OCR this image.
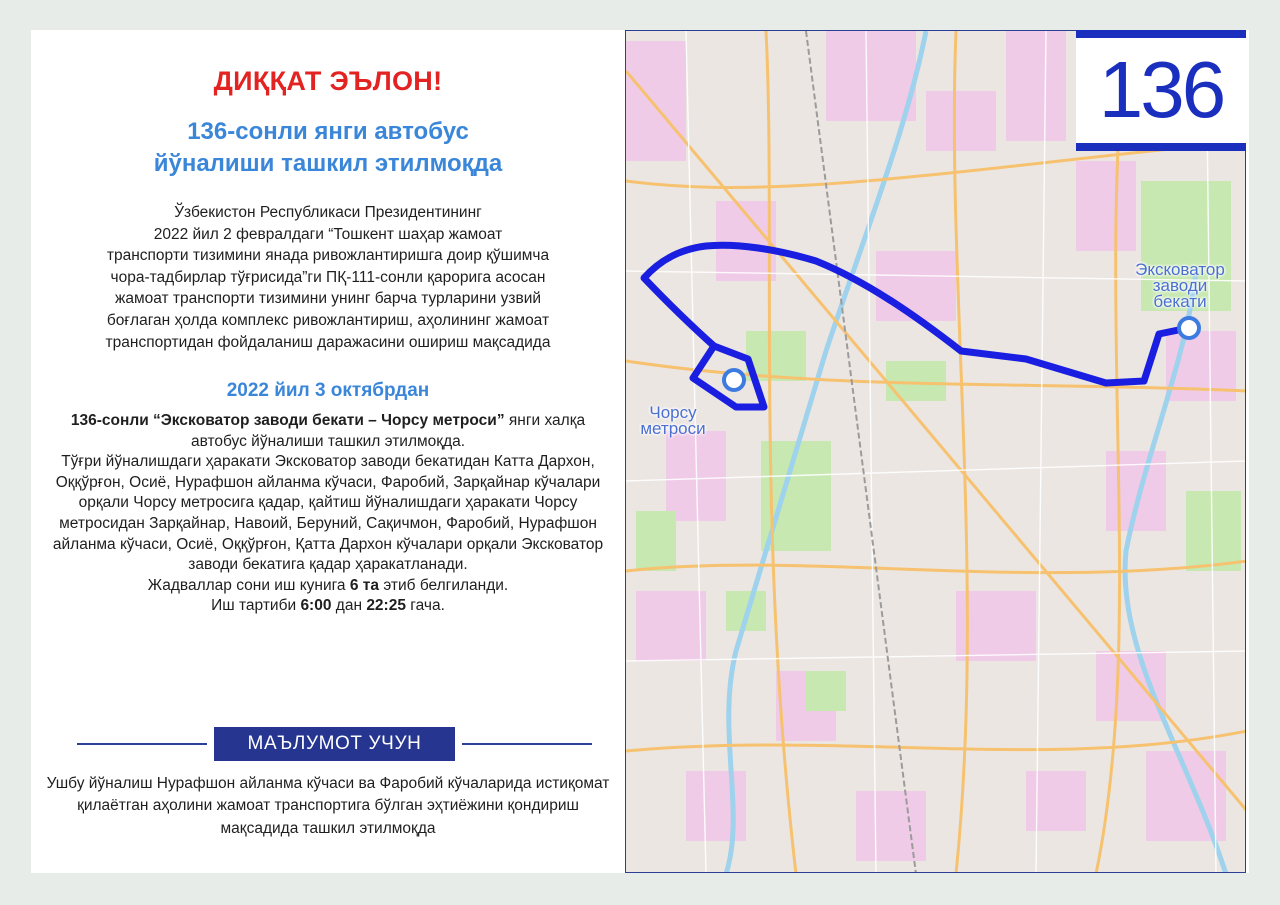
ДИҚҚАТ ЭЪЛОН!
136-сонли янги автобус
йўналиши ташкил этилмоқда
Ўзбекистон Республикаси Президентининг
2022 йил 2 февралдаги “Тошкент шаҳар жамоат
транспорти тизимини янада ривожлантиришга доир қўшимча
чора-тадбирлар тўғрисида”ги ПҚ-111-сонли қарорига асосан
жамоат транспорти тизимини унинг барча турларини узвий
боғлаган ҳолда комплекс ривожлантириш, аҳолининг жамоат
транспортидан фойдаланиш даражасини ошириш мақсадида
2022 йил 3 октябрдан
136-сонли “Экскoватор заводи бекати – Чорсу метроси” янги халқа автобус йўналиши ташкил этилмоқда.
Тўғри йўналишдаги ҳаракати Экскoватор заводи бекатидан Катта Дархон, Оққўрғон, Осиё, Нурафшон айланма кўчаси, Фаробий, Зарқайнар кўчалари орқали Чорсу метросига қадар, қайтиш йўналишдаги ҳаракати Чорсу метросидан Зарқайнар, Навоий, Беруний, Сақичмон, Фаробий, Нурафшон айланма кўчаси, Осиё, Оққўрғон, Қатта Дархон кўчалари орқали Экскoватор заводи бекатига қадар ҳаракатланади.
Жадваллар сони иш кунига 6 та этиб белгиланди.
Иш тартиби 6:00 дан 22:25 гача.
МАЪЛУМОТ УЧУН
Ушбу йўналиш Нурафшон айланма кўчаси ва Фаробий кўчаларида истиқомат қилаётган аҳолини жамоат транспортига бўлган эҳтиёжини қондириш мақсадида ташкил этилмоқда
136
Экскoватор
заводи
бекати
Чорсу
метроси
